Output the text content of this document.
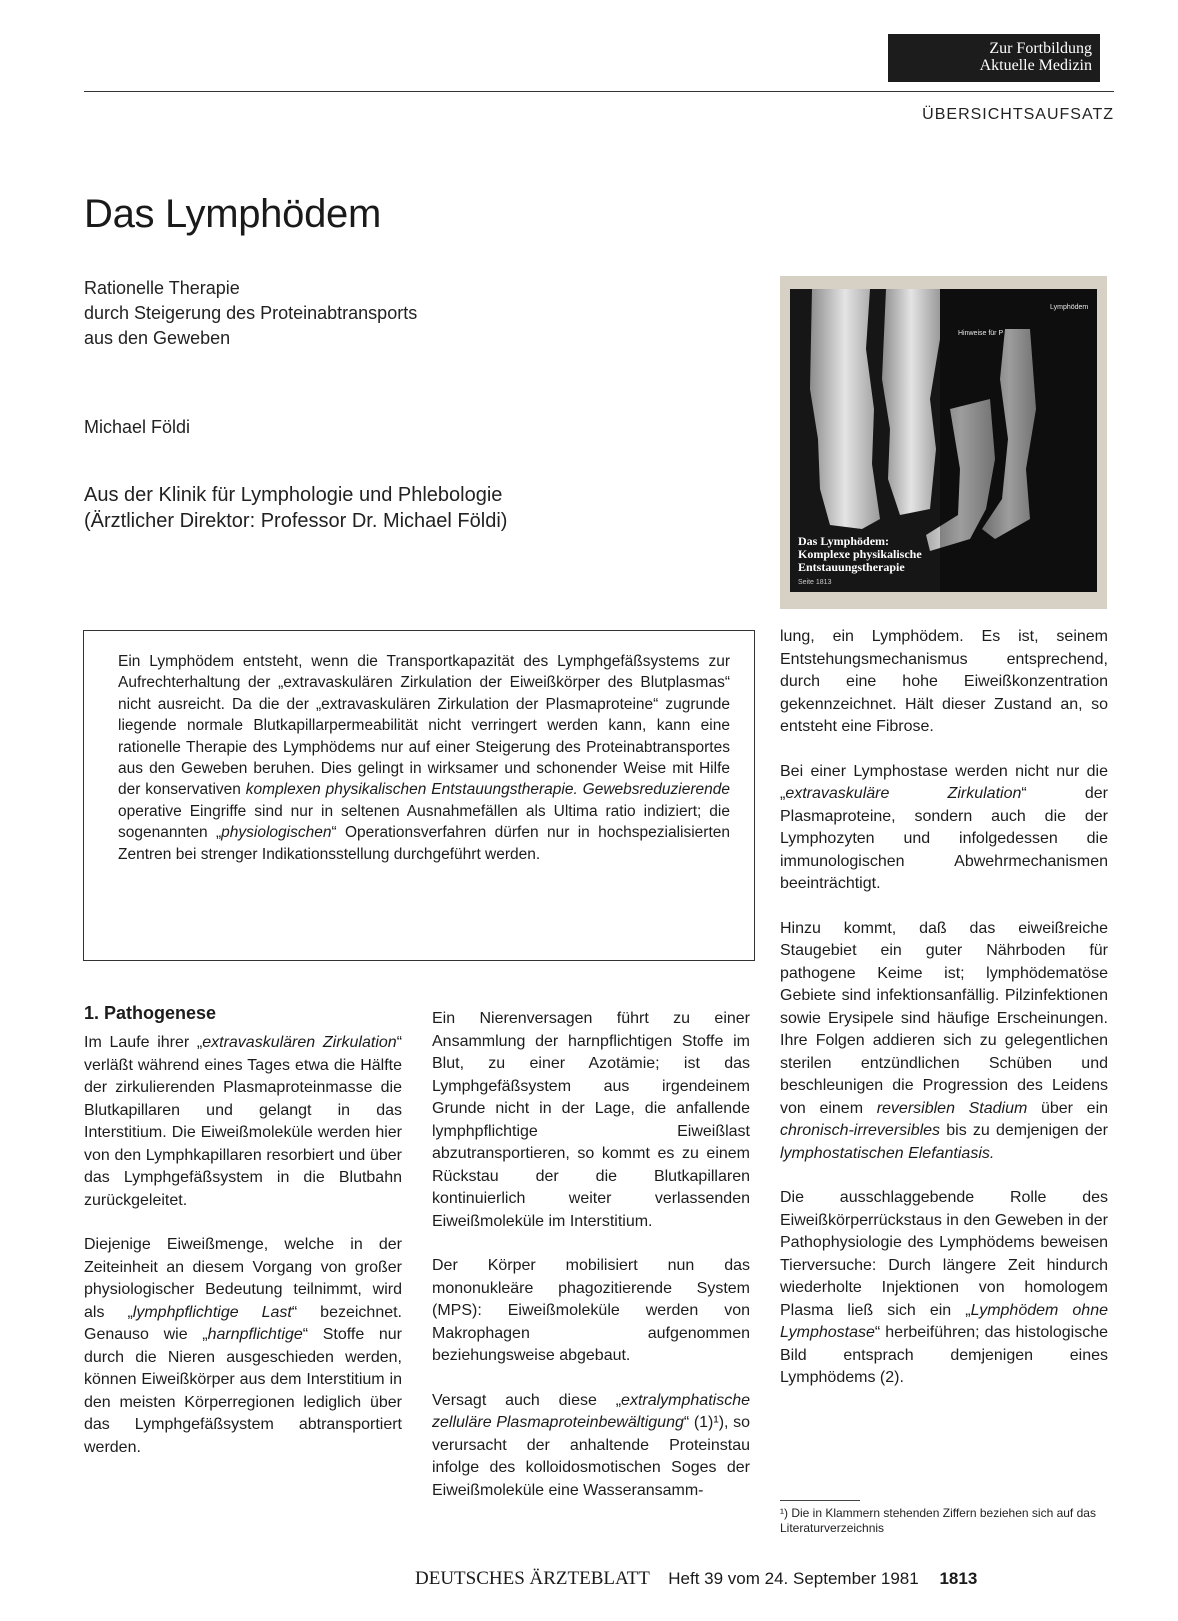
Zur Fortbildung
Aktuelle Medizin
ÜBERSICHTSAUFSATZ
Das Lymphödem
Rationelle Therapie
durch Steigerung des Proteinabtransports
aus den Geweben
Michael Földi
Aus der Klinik für Lymphologie und Phlebologie
(Ärztlicher Direktor: Professor Dr. Michael Földi)
Hinweise für P
Lymphödem
Das Lymphödem:
Komplexe physikalische
Entstauungstherapie
Seite 1813

Ein Lymphödem entsteht, wenn die Transportkapazität des Lymphgefäßsystems zur Aufrechterhaltung der „extravaskulären Zirkulation der Eiweißkörper des Blutplasmas“ nicht ausreicht. Da die der „extravaskulären Zirkulation der Plasmaproteine“ zugrunde liegende normale Blutkapillarpermeabilität nicht verringert werden kann, kann eine rationelle Therapie des Lymphödems nur auf einer Steigerung des Proteinabtransportes aus den Geweben beruhen. Dies gelingt in wirksamer und schonender Weise mit Hilfe der konservativen komplexen physikalischen Entstauungstherapie. Gewebsreduzierende operative Eingriffe sind nur in seltenen Ausnahmefällen als Ultima ratio indiziert; die sogenannten „physiologischen“ Operationsverfahren dürfen nur in hochspezialisierten Zentren bei strenger Indikationsstellung durchgeführt werden.

1. Pathogenese

Im Laufe ihrer „extravaskulären Zirkulation“ verläßt während eines Tages etwa die Hälfte der zirkulierenden Plasmaproteinmasse die Blutkapillaren und gelangt in das Interstitium. Die Eiweißmoleküle werden hier von den Lymphkapillaren resorbiert und über das Lymphgefäßsystem in die Blutbahn zurückgeleitet.

Diejenige Eiweißmenge, welche in der Zeiteinheit an diesem Vorgang von großer physiologischer Bedeutung teilnimmt, wird als „lymphpflichtige Last“ bezeichnet. Genauso wie „harnpflichtige“ Stoffe nur durch die Nieren ausgeschieden werden, können Eiweißkörper aus dem Interstitium in den meisten Körperregionen lediglich über das Lymphgefäßsystem abtransportiert werden.

Ein Nierenversagen führt zu einer Ansammlung der harnpflichtigen Stoffe im Blut, zu einer Azotämie; ist das Lymphgefäßsystem aus irgendeinem Grunde nicht in der Lage, die anfallende lymphpflichtige Eiweißlast abzutransportieren, so kommt es zu einem Rückstau der die Blutkapillaren kontinuierlich weiter verlassenden Eiweißmoleküle im Interstitium.

Der Körper mobilisiert nun das mononukleäre phagozitierende System (MPS): Eiweißmoleküle werden von Makrophagen aufgenommen beziehungsweise abgebaut.

Versagt auch diese „extralymphatische zelluläre Plasmaproteinbewältigung“ (1)¹), so verursacht der anhaltende Proteinstau infolge des kolloidosmotischen Soges der Eiweißmoleküle eine Wasseransamm-

lung, ein Lymphödem. Es ist, seinem Entstehungsmechanismus entsprechend, durch eine hohe Eiweißkonzentration gekennzeichnet. Hält dieser Zustand an, so entsteht eine Fibrose.

Bei einer Lymphostase werden nicht nur die „extravaskuläre Zirkulation“ der Plasmaproteine, sondern auch die der Lymphozyten und infolgedessen die immunologischen Abwehrmechanismen beeinträchtigt.

Hinzu kommt, daß das eiweißreiche Staugebiet ein guter Nährboden für pathogene Keime ist; lymphödematöse Gebiete sind infektionsanfällig. Pilzinfektionen sowie Erysipele sind häufige Erscheinungen. Ihre Folgen addieren sich zu gelegentlichen sterilen entzündlichen Schüben und beschleunigen die Progression des Leidens von einem reversiblen Stadium über ein chronisch-irreversibles bis zu demjenigen der lymphostatischen Elefantiasis.

Die ausschlaggebende Rolle des Eiweißkörperrückstaus in den Geweben in der Pathophysiologie des Lymphödems beweisen Tierversuche: Durch längere Zeit hindurch wiederholte Injektionen von homologem Plasma ließ sich ein „Lymphödem ohne Lymphostase“ herbeiführen; das histologische Bild entsprach demjenigen eines Lymphödems (2).

¹) Die in Klammern stehenden Ziffern beziehen sich auf das Literaturverzeichnis
DEUTSCHES ÄRZTEBLATT Heft 39 vom 24. September 1981 1813
